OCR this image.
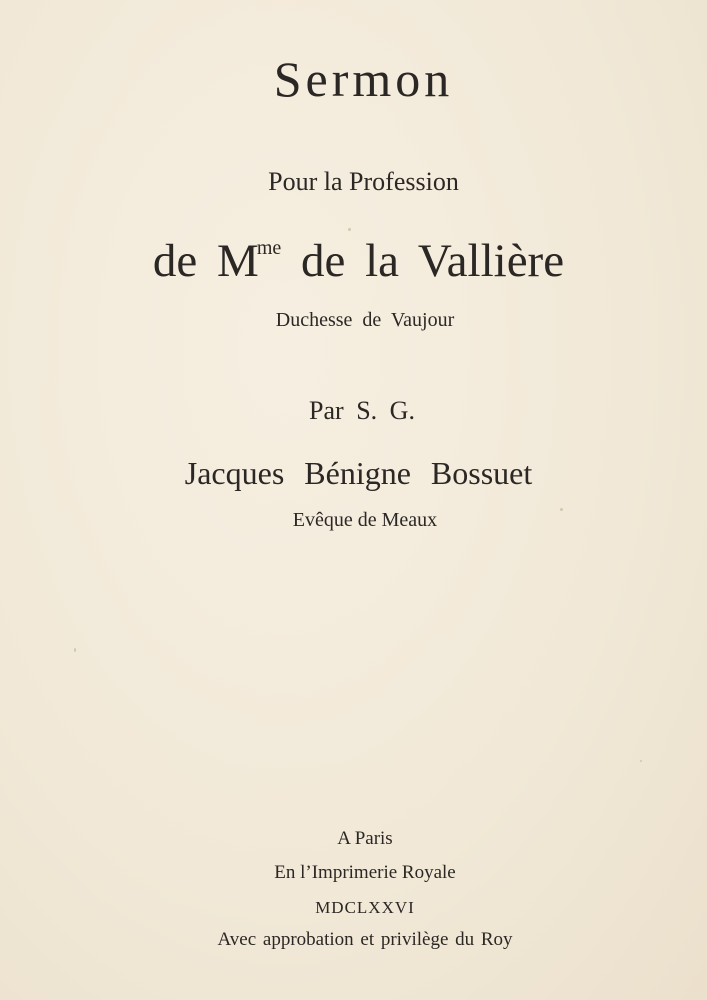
Sermon
Pour la Profession
de $M^{me}$ de la Vallière
Duchesse de Vaujour
Par S. G.
Jacques Bénigne Bossuet
Evêque de Meaux
A Paris
En l’Imprimerie Royale
MDCLXXVI
Avec approbation et privilège du Roy
